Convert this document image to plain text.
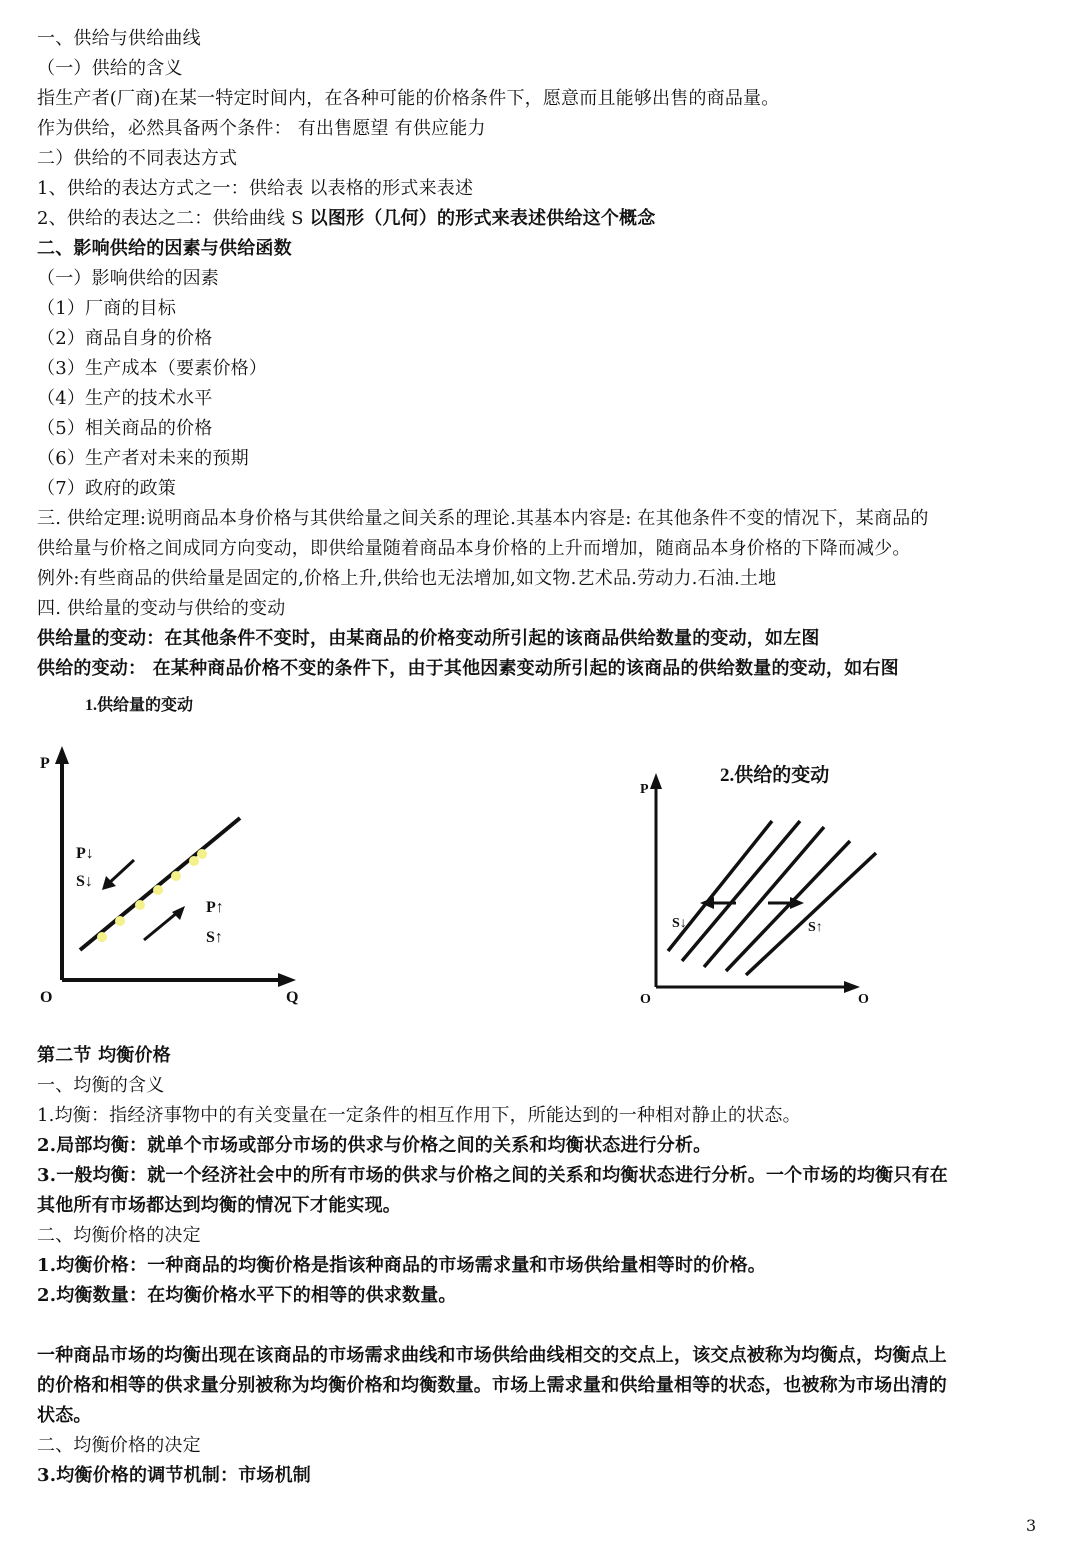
一、供给与供给曲线
（一）供给的含义
指生产者(厂商)在某一特定时间内，在各种可能的价格条件下，愿意而且能够出售的商品量。
作为供给，必然具备两个条件： 有出售愿望 有供应能力
二）供给的不同表达方式
1、供给的表达方式之一：供给表 以表格的形式来表述
2、供给的表达之二：供给曲线 S 以图形（几何）的形式来表述供给这个概念
二、影响供给的因素与供给函数
（一）影响供给的因素
（1）厂商的目标
（2）商品自身的价格
（3）生产成本（要素价格）
（4）生产的技术水平
（5）相关商品的价格
（6）生产者对未来的预期
（7）政府的政策
三. 供给定理:说明商品本身价格与其供给量之间关系的理论.其基本内容是: 在其他条件不变的情况下，某商品的
供给量与价格之间成同方向变动，即供给量随着商品本身价格的上升而增加，随商品本身价格的下降而减少。
例外:有些商品的供给量是固定的,价格上升,供给也无法增加,如文物.艺术品.劳动力.石油.土地
四. 供给量的变动与供给的变动
供给量的变动：在其他条件不变时，由某商品的价格变动所引起的该商品供给数量的变动，如左图
供给的变动： 在某种商品价格不变的条件下，由于其他因素变动所引起的该商品的供给数量的变动，如右图
1.供给量的变动
P
O	Q
P↓
S↓
P↑
S↑
2.供给的变动
P
O	O
S↓	S↑
第二节 均衡价格
一、均衡的含义
1.均衡：指经济事物中的有关变量在一定条件的相互作用下，所能达到的一种相对静止的状态。
2.局部均衡：就单个市场或部分市场的供求与价格之间的关系和均衡状态进行分析。
3.一般均衡：就一个经济社会中的所有市场的供求与价格之间的关系和均衡状态进行分析。一个市场的均衡只有在
其他所有市场都达到均衡的情况下才能实现。
二、均衡价格的决定
1.均衡价格：一种商品的均衡价格是指该种商品的市场需求量和市场供给量相等时的价格。
2.均衡数量：在均衡价格水平下的相等的供求数量。
一种商品市场的均衡出现在该商品的市场需求曲线和市场供给曲线相交的交点上，该交点被称为均衡点，均衡点上
的价格和相等的供求量分别被称为均衡价格和均衡数量。市场上需求量和供给量相等的状态，也被称为市场出清的
状态。
二、均衡价格的决定
3.均衡价格的调节机制：市场机制
3
